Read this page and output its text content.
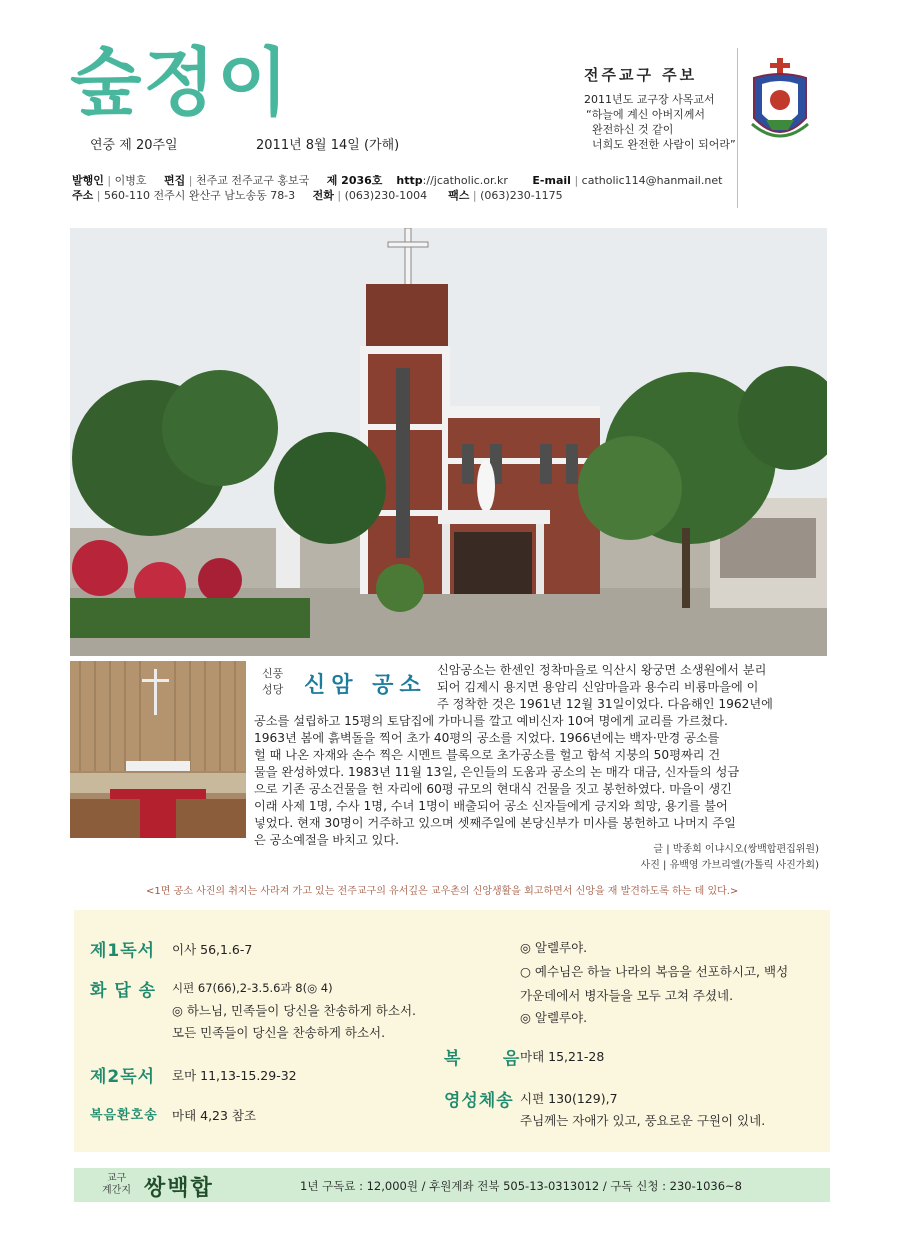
숲정이
연중 제 20주일	2011년 8월 14일 (가해)
전주교구 주보
2011년도 교구장 사목교서
“하늘에 계신 아버지께서
완전하신 것 같이
너희도 완전한 사람이 되어라”
발행인 | 이병호 편집 | 천주교 전주교구 홍보국 제 2036호 http://jcatholic.or.kr E-mail | catholic114@hanmail.net
주소 | 560-110 전주시 완산구 남노송동 78-3 전화 | (063)230-1004 팩스 | (063)230-1175
신풍
성당 신암 공소
신암공소는 한센인 정착마을로 익산시 왕궁면 소생원에서 분리
되어 김제시 용지면 용암리 신암마을과 용수리 비룡마을에 이
주 정착한 것은 1961년 12월 31일이었다. 다음해인 1962년에
공소를 설립하고 15평의 토담집에 가마니를 깔고 예비신자 10여 명에게 교리를 가르쳤다.
1963년 봄에 흙벽돌을 찍어 초가 40평의 공소를 지었다. 1966년에는 백자·만경 공소를
헐 때 나온 자재와 손수 찍은 시멘트 블록으로 초가공소를 헐고 함석 지붕의 50평짜리 건
물을 완성하였다. 1983년 11월 13일, 은인들의 도움과 공소의 논 매각 대금, 신자들의 성금
으로 기존 공소건물을 헌 자리에 60평 규모의 현대식 건물을 짓고 봉헌하였다. 마을이 생긴
이래 사제 1명, 수사 1명, 수녀 1명이 배출되어 공소 신자들에게 긍지와 희망, 용기를 불어
넣었다. 현재 30명이 거주하고 있으며 셋째주일에 본당신부가 미사를 봉헌하고 나머지 주일
은 공소예절을 바치고 있다.
글 | 박종희 이냐시오(쌍백합편집위원)
사진 | 유백영 가브리엘(가톨릭 사진가회)
<1면 공소 사진의 취지는 사라져 가고 있는 전주교구의 유서깊은 교우촌의 신앙생활을 회고하면서 신앙을 재 발견하도록 하는 데 있다.>
제1독서 이사 56,1.6-7
화 답 송 시편 67(66),2-3.5.6과 8(◎ 4)
◎ 하느님, 민족들이 당신을 찬송하게 하소서.
모든 민족들이 당신을 찬송하게 하소서.
제2독서 로마 11,13-15.29-32
복음환호송 마태 4,23 참조
◎ 알렐루야.
○ 예수님은 하늘 나라의 복음을 선포하시고, 백성
가운데에서 병자들을 모두 고쳐 주셨네.
◎ 알렐루야.
복      음 마태 15,21-28
영성체송 시편 130(129),7
주님께는 자애가 있고, 풍요로운 구원이 있네.
교구
계간지 쌍백합	1년 구독료 : 12,000원 / 후원계좌 전북 505-13-0313012 / 구독 신청 : 230-1036~8
